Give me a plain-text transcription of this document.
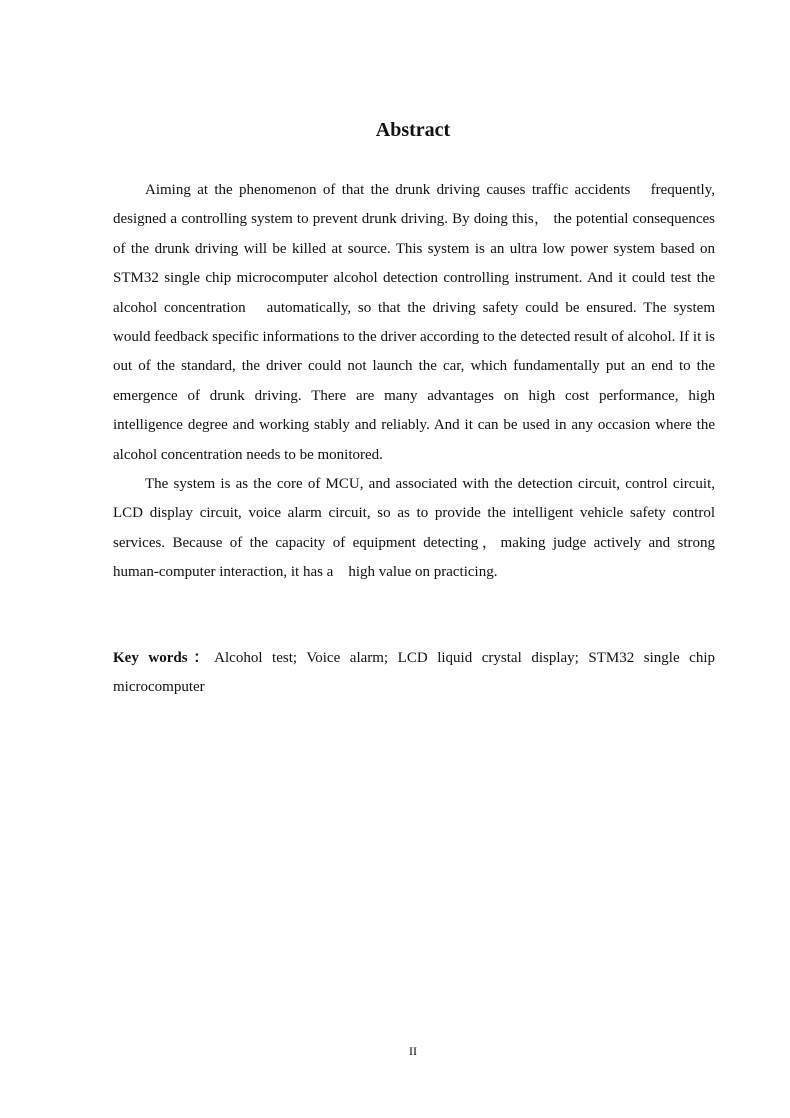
Abstract

Aiming at the phenomenon of that the drunk driving causes traffic accidents　frequently, designed a controlling system to prevent drunk driving. By doing this， the potential consequences of the drunk driving will be killed at source. This system is an ultra low power system based on STM32 single chip microcomputer alcohol detection controlling instrument. And it could test the alcohol concentration　automatically, so that the driving safety could be ensured. The system would feedback specific informations to the driver according to the detected result of alcohol. If it is out of the standard, the driver could not launch the car, which fundamentally put an end to the emergence of drunk driving. There are many advantages on high cost performance, high intelligence degree and working stably and reliably. And it can be used in any occasion where the alcohol concentration needs to be monitored.

The system is as the core of MCU, and associated with the detection circuit, control circuit, LCD display circuit, voice alarm circuit, so as to provide the intelligent vehicle safety control services. Because of the capacity of equipment detecting，making judge actively and strong human-computer interaction, it has a　high value on practicing.

Key words：Alcohol test; Voice alarm; LCD liquid crystal display; STM32 single chip microcomputer

II
